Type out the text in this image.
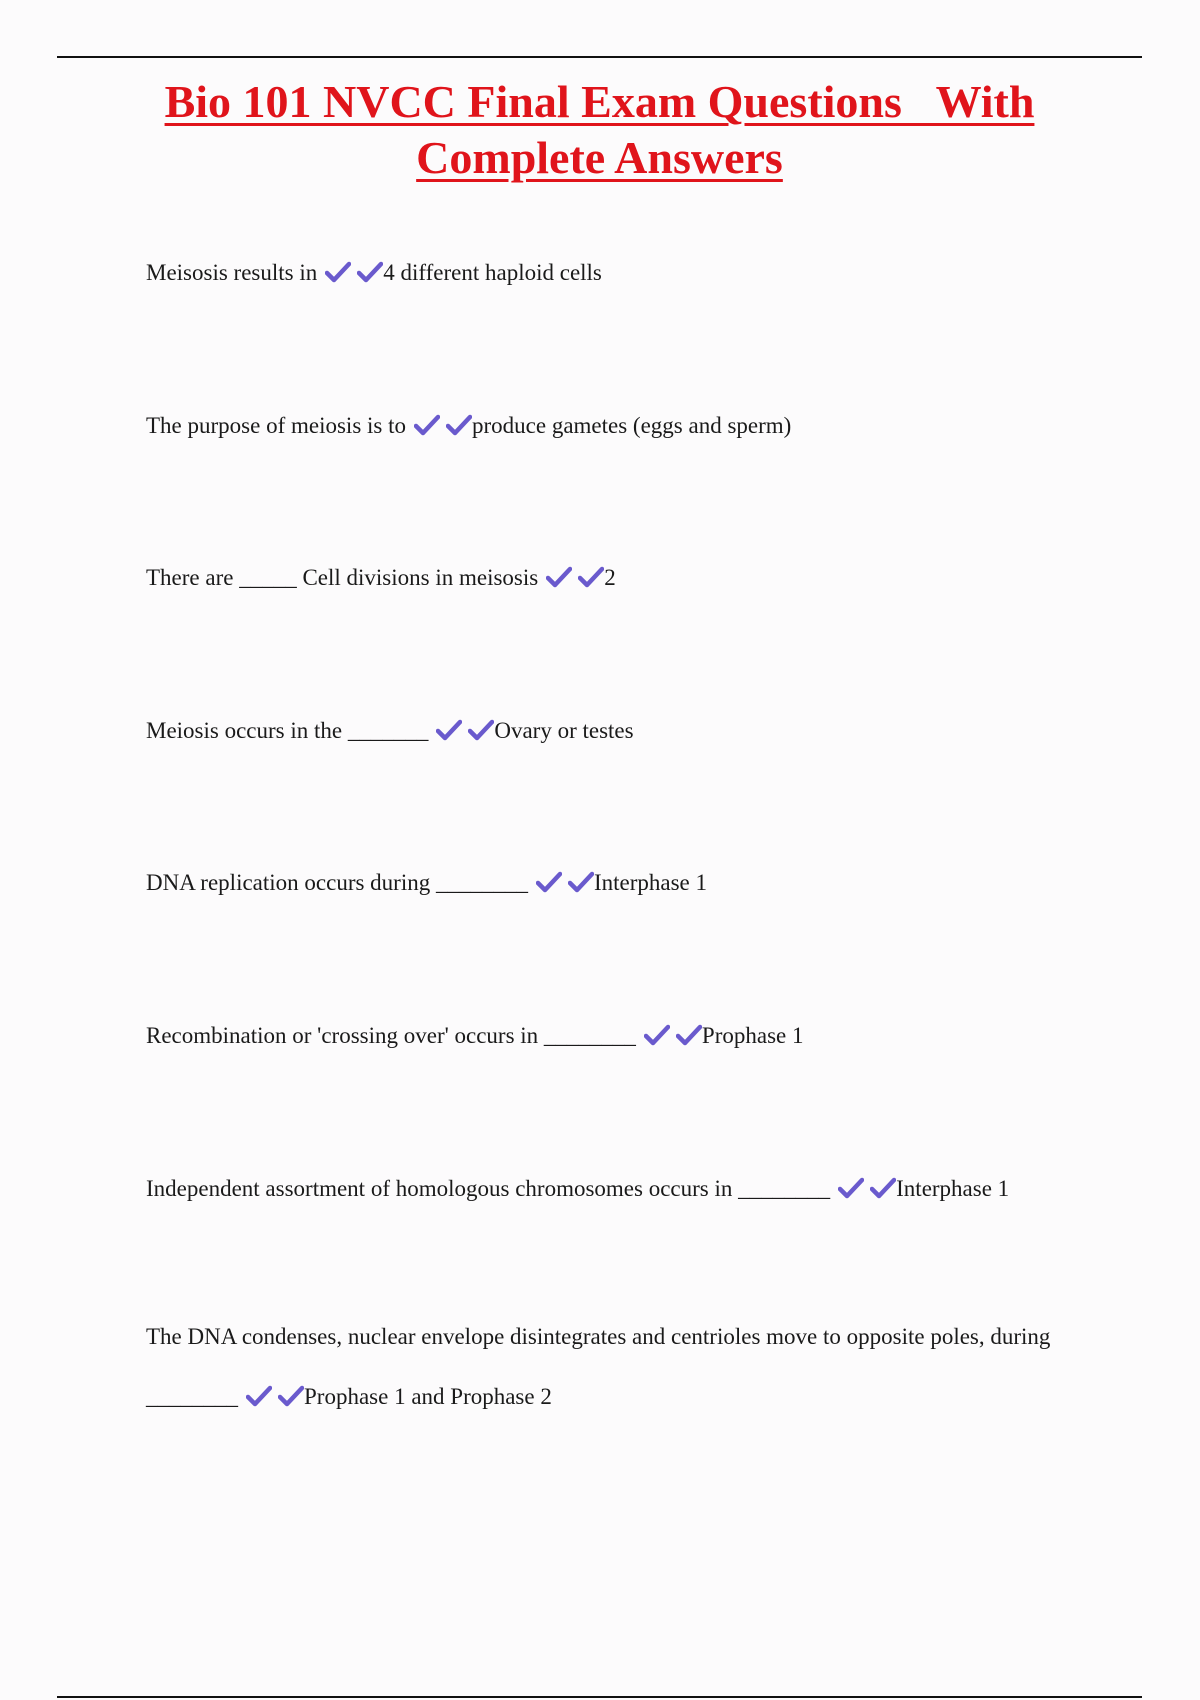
Bio 101 NVCC Final Exam Questions   With
Complete Answers

Meisosis results in	4 different haploid cells

The purpose of meiosis is to	produce gametes (eggs and sperm)

There are _____ Cell divisions in meisosis	2

Meiosis occurs in the _______	Ovary or testes

DNA replication occurs during ________	Interphase 1

Recombination or 'crossing over' occurs in ________	Prophase 1

Independent assortment of homologous chromosomes occurs in ________	Interphase 1

The DNA condenses, nuclear envelope disintegrates and centrioles move to opposite poles, during ________	Prophase 1 and Prophase 2
